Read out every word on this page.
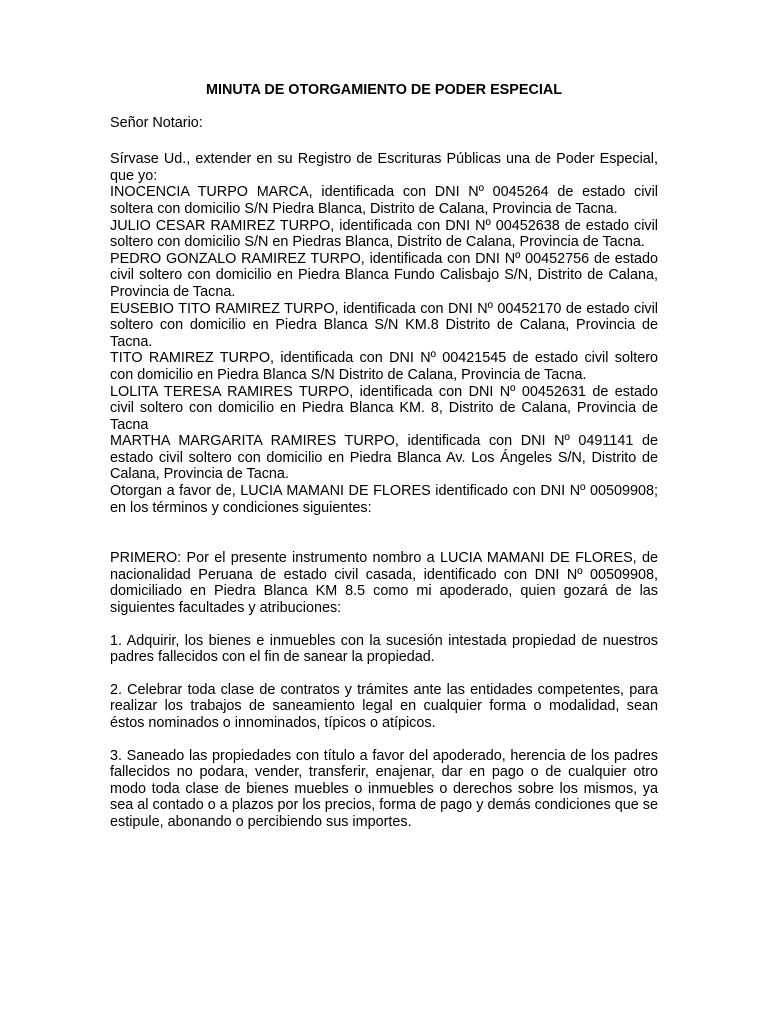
MINUTA DE OTORGAMIENTO DE PODER ESPECIAL

Señor Notario:

Sírvase Ud., extender en su Registro de Escrituras Públicas una de Poder Especial, que yo:

INOCENCIA TURPO MARCA, identificada con DNI Nº 0045264 de estado civil soltera con domicilio S/N Piedra Blanca, Distrito de Calana, Provincia de Tacna.

JULIO CESAR RAMIREZ TURPO, identificada con DNI Nº 00452638 de estado civil soltero con domicilio S/N en Piedras Blanca, Distrito de Calana, Provincia de Tacna.

PEDRO GONZALO RAMIREZ TURPO, identificada con DNI Nº 00452756 de estado civil soltero con domicilio en Piedra Blanca Fundo Calisbajo S/N, Distrito de Calana, Provincia de Tacna.

EUSEBIO TITO RAMIREZ TURPO, identificada con DNI Nº 00452170 de estado civil soltero con domicilio en Piedra Blanca S/N KM.8 Distrito de Calana, Provincia de Tacna.

TITO RAMIREZ TURPO, identificada con DNI Nº 00421545 de estado civil soltero con domicilio en Piedra Blanca S/N Distrito de Calana, Provincia de Tacna.

LOLITA TERESA RAMIRES TURPO, identificada con DNI Nº 00452631 de estado civil soltero con domicilio en Piedra Blanca KM. 8, Distrito de Calana, Provincia de Tacna

MARTHA MARGARITA RAMIRES TURPO, identificada con DNI Nº 0491141 de estado civil soltero con domicilio en Piedra Blanca Av. Los Ángeles S/N, Distrito de Calana, Provincia de Tacna.

Otorgan a favor de, LUCIA MAMANI DE FLORES identificado con DNI Nº 00509908; en los términos y condiciones siguientes:

PRIMERO: Por el presente instrumento nombro a LUCIA MAMANI DE FLORES, de nacionalidad Peruana de estado civil casada, identificado con DNI Nº 00509908, domiciliado en Piedra Blanca KM 8.5 como mi apoderado, quien gozará de las siguientes facultades y atribuciones:

1. Adquirir, los bienes e inmuebles con la sucesión intestada propiedad de nuestros padres fallecidos con el fin de sanear la propiedad.

2. Celebrar toda clase de contratos y trámites ante las entidades competentes, para realizar los trabajos de saneamiento legal en cualquier forma o modalidad, sean éstos nominados o innominados, típicos o atípicos.

3. Saneado las propiedades con título a favor del apoderado, herencia de los padres fallecidos no podara, vender, transferir, enajenar, dar en pago o de cualquier otro modo toda clase de bienes muebles o inmuebles o derechos sobre los mismos, ya sea al contado o a plazos por los precios, forma de pago y demás condiciones que se estipule, abonando o percibiendo sus importes.
